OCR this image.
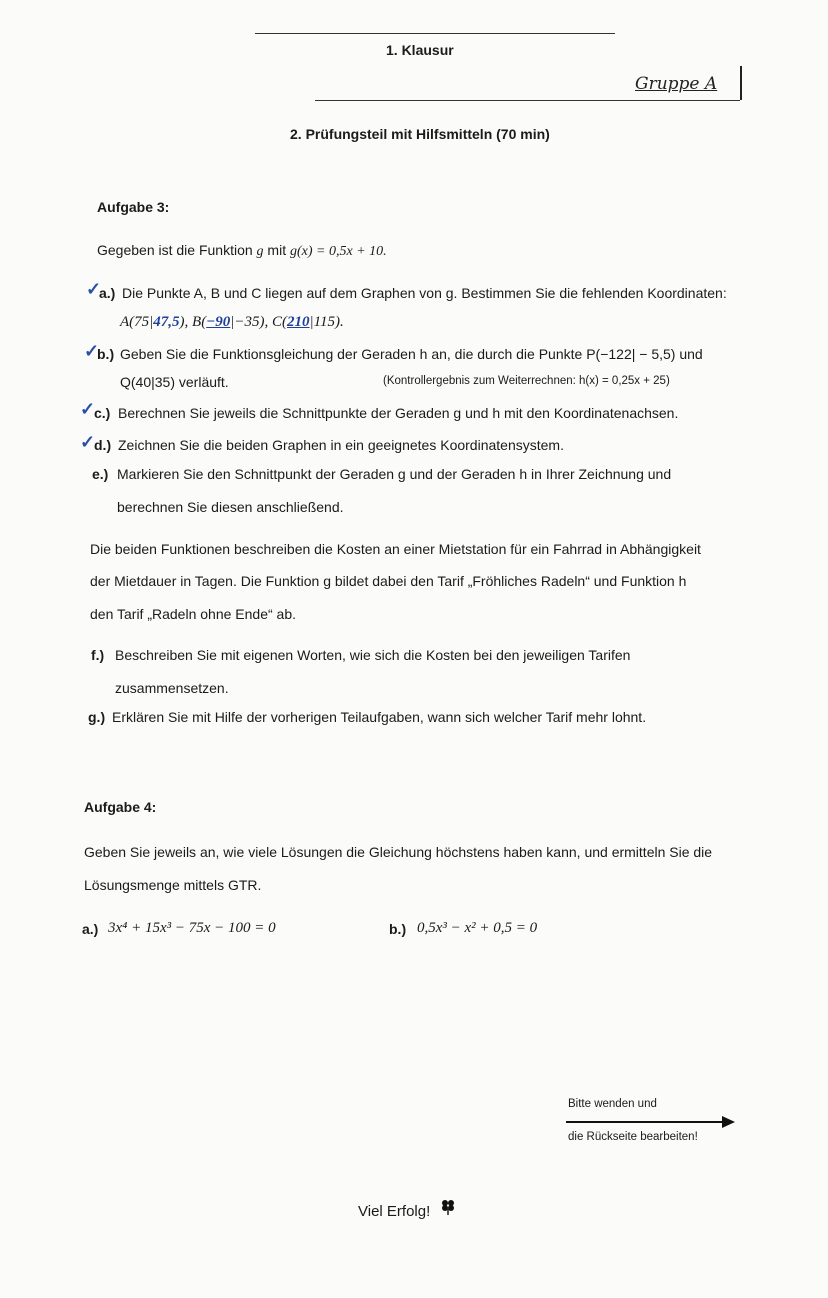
1. Klausur
Gruppe A
2. Prüfungsteil mit Hilfsmitteln (70 min)
Aufgabe 3:
Gegeben ist die Funktion g mit g(x) = 0,5x + 10.
✓
a.) Die Punkte A, B und C liegen auf dem Graphen von g. Bestimmen Sie die fehlenden Koordinaten:
A(75|47,5), B(−90|−35), C(210|115).
✓
b.) Geben Sie die Funktionsgleichung der Geraden h an, die durch die Punkte P(−122| − 5,5) und
Q(40|35) verläuft.	(Kontrollergebnis zum Weiterrechnen: h(x) = 0,25x + 25)
✓
c.) Berechnen Sie jeweils die Schnittpunkte der Geraden g und h mit den Koordinatenachsen.
✓
d.) Zeichnen Sie die beiden Graphen in ein geeignetes Koordinatensystem.
e.) Markieren Sie den Schnittpunkt der Geraden g und der Geraden h in Ihrer Zeichnung und
berechnen Sie diesen anschließend.
Die beiden Funktionen beschreiben die Kosten an einer Mietstation für ein Fahrrad in Abhängigkeit
der Mietdauer in Tagen. Die Funktion g bildet dabei den Tarif „Fröhliches Radeln“ und Funktion h
den Tarif „Radeln ohne Ende“ ab.
f.) Beschreiben Sie mit eigenen Worten, wie sich die Kosten bei den jeweiligen Tarifen
zusammensetzen.
g.) Erklären Sie mit Hilfe der vorherigen Teilaufgaben, wann sich welcher Tarif mehr lohnt.
Aufgabe 4:
Geben Sie jeweils an, wie viele Lösungen die Gleichung höchstens haben kann, und ermitteln Sie die
Lösungsmenge mittels GTR.
a.) 3x⁴ + 15x³ − 75x − 100 = 0	b.) 0,5x³ − x² + 0,5 = 0
Bitte wenden und
die Rückseite bearbeiten!
Viel Erfolg!
